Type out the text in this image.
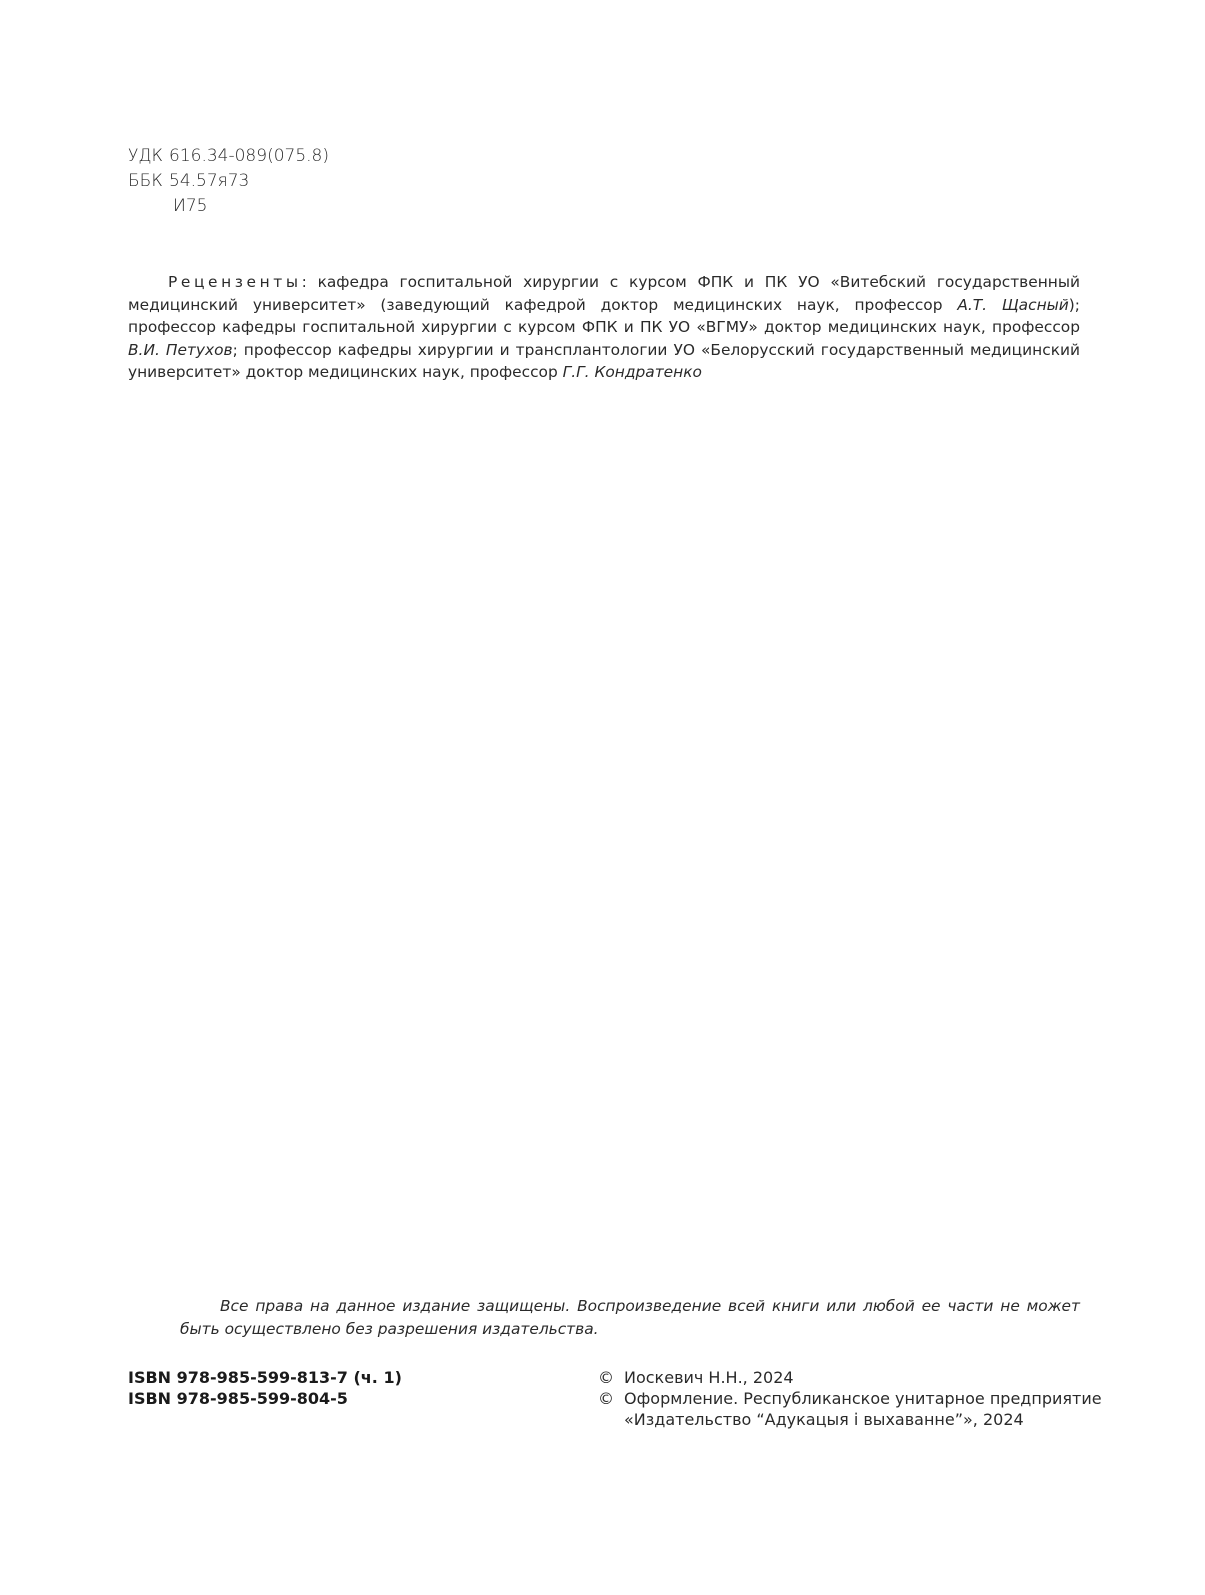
УДК 616.34-089(075.8)
ББК 54.57я73
И75
Рецензенты: кафедра госпитальной хирургии с курсом ФПК и ПК УО «Витебский государственный медицинский университет» (заведующий кафедрой доктор медицинских наук, профессор А.Т. Щасный); профессор кафедры госпитальной хирургии с курсом ФПК и ПК УО «ВГМУ» доктор медицинских наук, профессор В.И. Петухов; профессор кафедры хирургии и трансплантологии УО «Белорусский государственный медицинский университет» доктор медицинских наук, профессор Г.Г. Кондратенко
Все права на данное издание защищены. Воспроизведение всей книги или любой ее части не может быть осуществлено без разрешения издательства.
ISBN 978-985-599-813-7 (ч. 1)
ISBN 978-985-599-804-5
© Иоскевич Н.Н., 2024
© Оформление. Республиканское унитарное предприятие
«Издательство “Адукацыя і выхаванне”», 2024
